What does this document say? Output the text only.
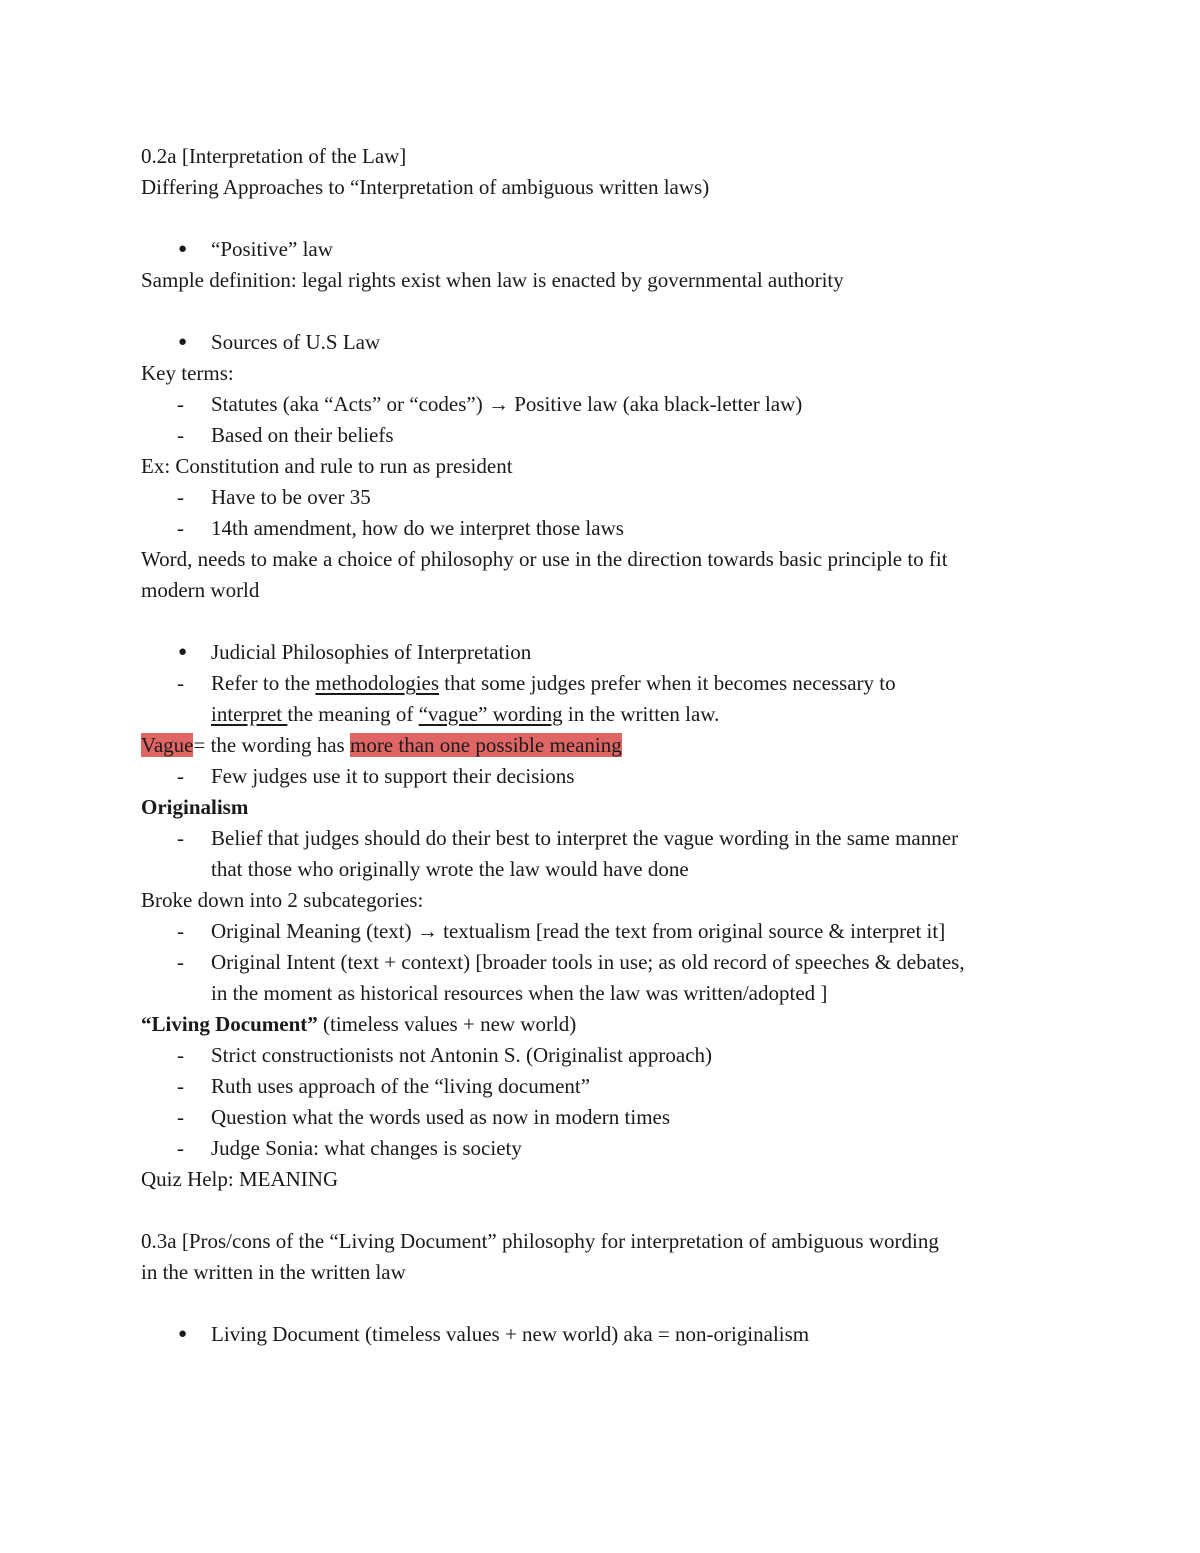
0.2a [Interpretation of the Law]
Differing Approaches to “Interpretation of ambiguous written laws)
● “Positive” law
Sample definition: legal rights exist when law is enacted by governmental authority
● Sources of U.S Law
Key terms:
- Statutes (aka “Acts” or “codes”) → Positive law (aka black-letter law)
- Based on their beliefs
Ex: Constitution and rule to run as president
- Have to be over 35
- 14th amendment, how do we interpret those laws
Word, needs to make a choice of philosophy or use in the direction towards basic principle to fit
modern world
● Judicial Philosophies of Interpretation
- Refer to the methodologies that some judges prefer when it becomes necessary to
interpret the meaning of “vague” wording in the written law.
Vague= the wording has more than one possible meaning
- Few judges use it to support their decisions
Originalism
- Belief that judges should do their best to interpret the vague wording in the same manner
that those who originally wrote the law would have done
Broke down into 2 subcategories:
- Original Meaning (text) → textualism [read the text from original source & interpret it]
- Original Intent (text + context) [broader tools in use; as old record of speeches & debates,
in the moment as historical resources when the law was written/adopted ]
“Living Document” (timeless values + new world)
- Strict constructionists not Antonin S. (Originalist approach)
- Ruth uses approach of the “living document”
- Question what the words used as now in modern times
- Judge Sonia: what changes is society
Quiz Help: MEANING
0.3a [Pros/cons of the “Living Document” philosophy for interpretation of ambiguous wording
in the written in the written law
● Living Document (timeless values + new world) aka = non-originalism
